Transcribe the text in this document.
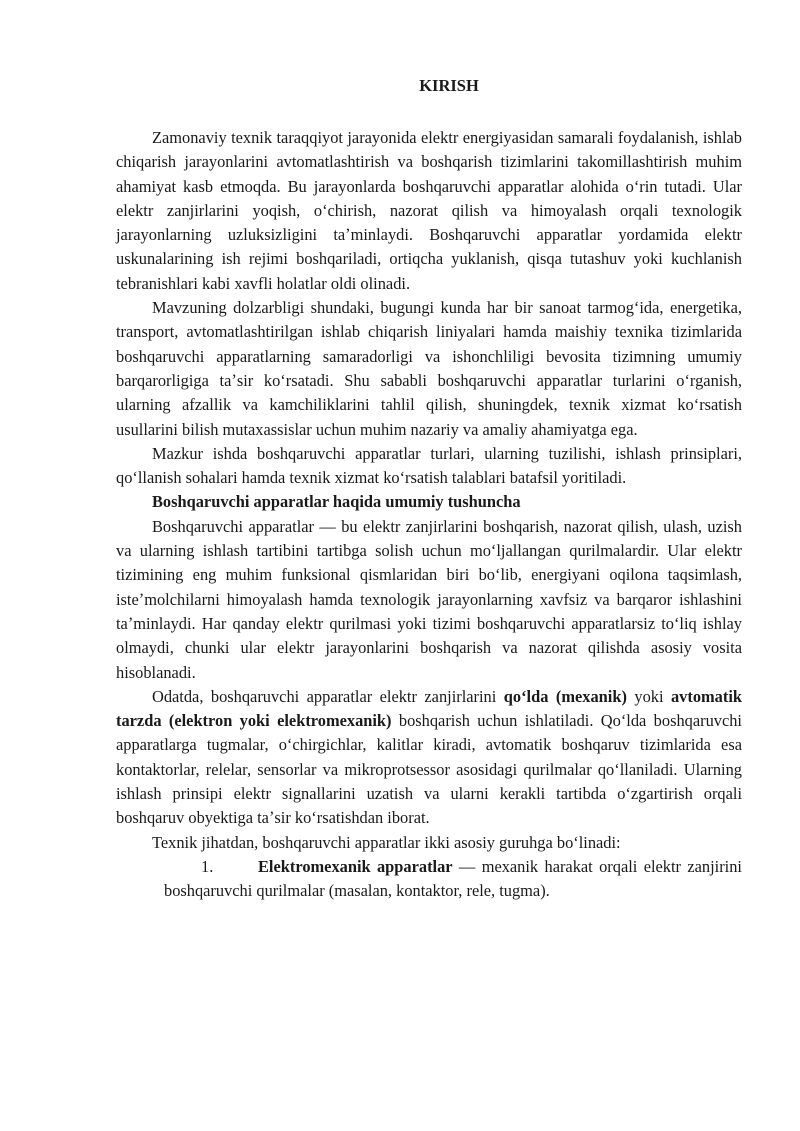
KIRISH

Zamonaviy texnik taraqqiyot jarayonida elektr energiyasidan samarali foydalanish, ishlab chiqarish jarayonlarini avtomatlashtirish va boshqarish tizimlarini takomillashtirish muhim ahamiyat kasb etmoqda. Bu jarayonlarda boshqaruvchi apparatlar alohida oʻrin tutadi. Ular elektr zanjirlarini yoqish, oʻchirish, nazorat qilish va himoyalash orqali texnologik jarayonlarning uzluksizligini taʼminlaydi. Boshqaruvchi apparatlar yordamida elektr uskunalarining ish rejimi boshqariladi, ortiqcha yuklanish, qisqa tutashuv yoki kuchlanish tebranishlari kabi xavfli holatlar oldi olinadi.

Mavzuning dolzarbligi shundaki, bugungi kunda har bir sanoat tarmogʻida, energetika, transport, avtomatlashtirilgan ishlab chiqarish liniyalari hamda maishiy texnika tizimlarida boshqaruvchi apparatlarning samaradorligi va ishonchliligi bevosita tizimning umumiy barqarorligiga taʼsir koʻrsatadi. Shu sababli boshqaruvchi apparatlar turlarini oʻrganish, ularning afzallik va kamchiliklarini tahlil qilish, shuningdek, texnik xizmat koʻrsatish usullarini bilish mutaxassislar uchun muhim nazariy va amaliy ahamiyatga ega.

Mazkur ishda boshqaruvchi apparatlar turlari, ularning tuzilishi, ishlash prinsiplari, qoʻllanish sohalari hamda texnik xizmat koʻrsatish talablari batafsil yoritiladi.

Boshqaruvchi apparatlar haqida umumiy tushuncha

Boshqaruvchi apparatlar — bu elektr zanjirlarini boshqarish, nazorat qilish, ulash, uzish va ularning ishlash tartibini tartibga solish uchun moʻljallangan qurilmalardir. Ular elektr tizimining eng muhim funksional qismlaridan biri boʻlib, energiyani oqilona taqsimlash, isteʼmolchilarni himoyalash hamda texnologik jarayonlarning xavfsiz va barqaror ishlashini taʼminlaydi. Har qanday elektr qurilmasi yoki tizimi boshqaruvchi apparatlarsiz toʻliq ishlay olmaydi, chunki ular elektr jarayonlarini boshqarish va nazorat qilishda asosiy vosita hisoblanadi.

Odatda, boshqaruvchi apparatlar elektr zanjirlarini qoʻlda (mexanik) yoki avtomatik tarzda (elektron yoki elektromexanik) boshqarish uchun ishlatiladi. Qoʻlda boshqaruvchi apparatlarga tugmalar, oʻchirgichlar, kalitlar kiradi, avtomatik boshqaruv tizimlarida esa kontaktorlar, relelar, sensorlar va mikroprotsessor asosidagi qurilmalar qoʻllaniladi. Ularning ishlash prinsipi elektr signallarini uzatish va ularni kerakli tartibda oʻzgartirish orqali boshqaruv obyektiga taʼsir koʻrsatishdan iborat.

Texnik jihatdan, boshqaruvchi apparatlar ikki asosiy guruhga boʻlinadi:

1.	Elektromexanik apparatlar — mexanik harakat orqali elektr zanjirini boshqaruvchi qurilmalar (masalan, kontaktor, rele, tugma).
